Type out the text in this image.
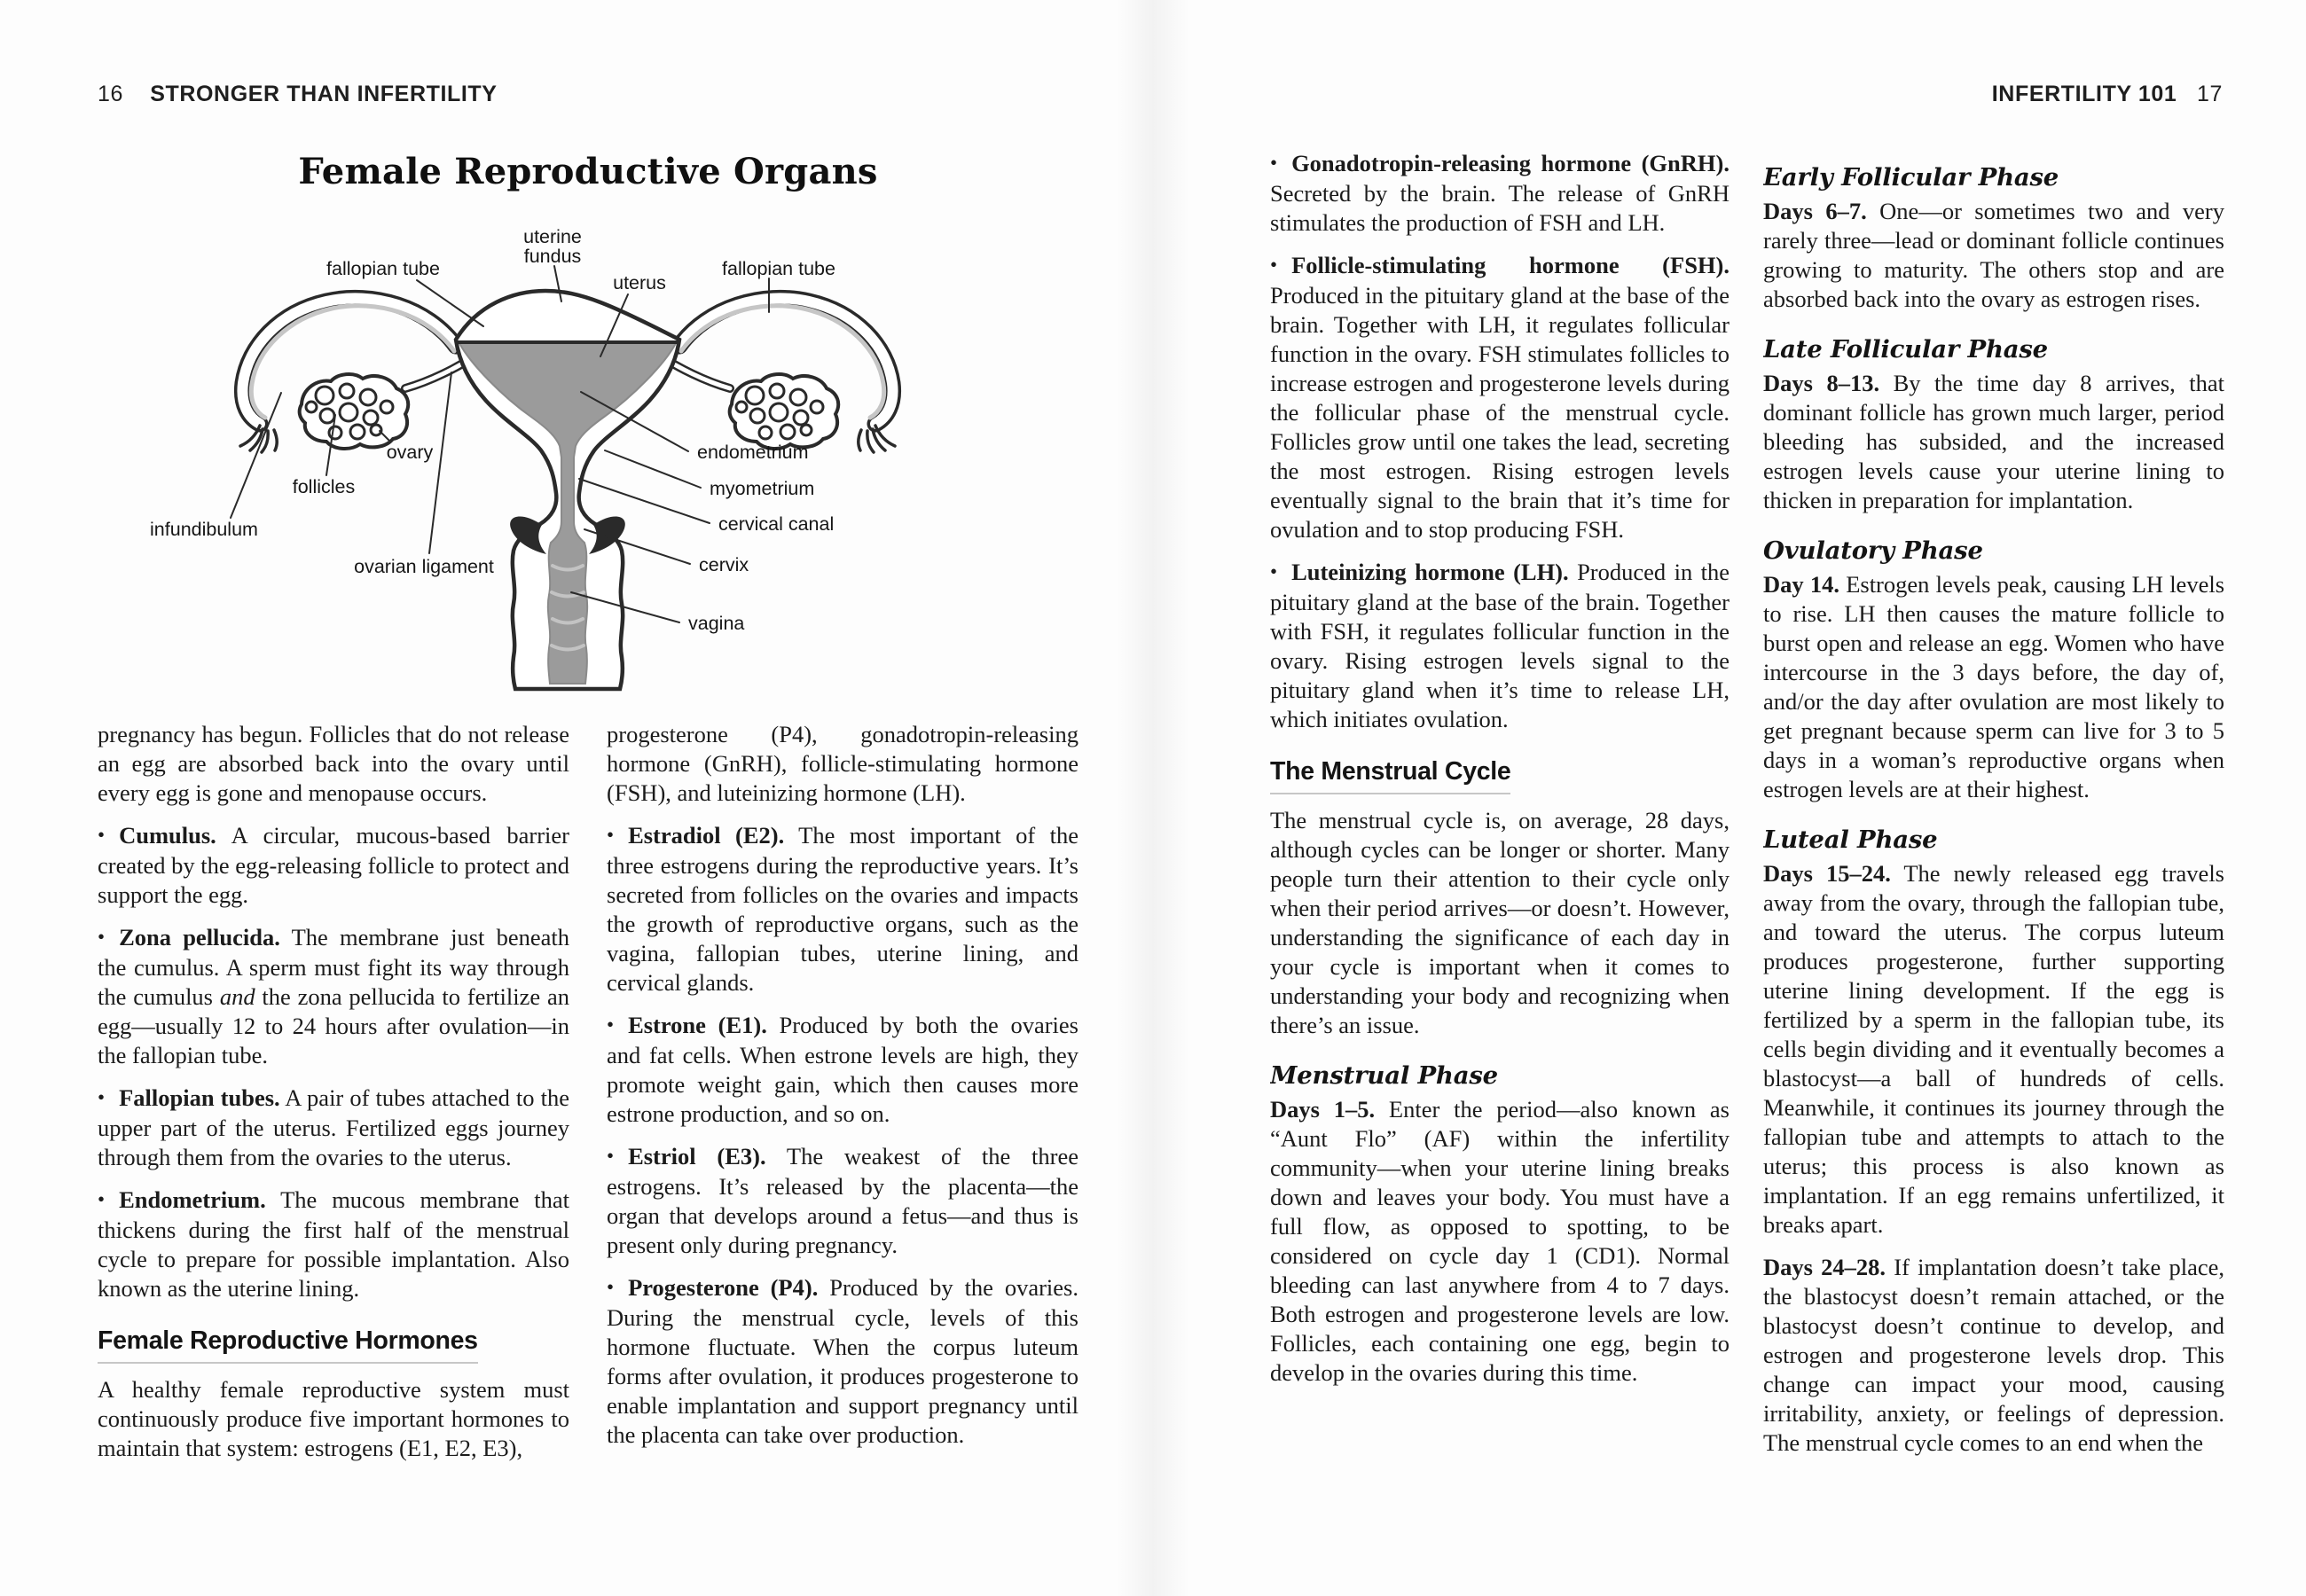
16 STRONGER THAN INFERTILITY	INFERTILITY 101 17
Female Reproductive Organs
uterine
fundus
fallopian tube
uterus
fallopian tube
ovary
follicles
infundibulum
ovarian ligament
endometrium
myometrium
cervical canal
cervix
vagina

pregnancy has begun. Follicles that do not release an egg are absorbed back into the ovary until every egg is gone and menopause occurs.

• Cumulus. A circular, mucous-based barrier created by the egg-releasing follicle to protect and support the egg.

• Zona pellucida. The membrane just beneath the cumulus. A sperm must fight its way through the cumulus and the zona pellucida to fertilize an egg—usually 12 to 24 hours after ovulation—in the fallopian tube.

• Fallopian tubes. A pair of tubes attached to the upper part of the uterus. Fertilized eggs journey through them from the ovaries to the uterus.

• Endometrium. The mucous membrane that thickens during the first half of the menstrual cycle to prepare for possible implantation. Also known as the uterine lining.

Female Reproductive Hormones

A healthy female reproductive system must continuously produce five important hormones to maintain that system: estrogens (E1, E2, E3),

progesterone (P4), gonadotropin-releasing hormone (GnRH), follicle-stimulating hormone (FSH), and luteinizing hormone (LH).

• Estradiol (E2). The most important of the three estrogens during the reproductive years. It’s secreted from follicles on the ovaries and impacts the growth of reproductive organs, such as the vagina, fallopian tubes, uterine lining, and cervical glands.

• Estrone (E1). Produced by both the ovaries and fat cells. When estrone levels are high, they promote weight gain, which then causes more estrone production, and so on.

• Estriol (E3). The weakest of the three estrogens. It’s released by the placenta—the organ that develops around a fetus—and thus is present only during pregnancy.

• Progesterone (P4). Produced by the ovaries. During the menstrual cycle, levels of this hormone fluctuate. When the corpus luteum forms after ovulation, it produces progesterone to enable implantation and support pregnancy until the placenta can take over production.

• Gonadotropin-releasing hormone (GnRH). Secreted by the brain. The release of GnRH stimulates the production of FSH and LH.

• Follicle-stimulating hormone (FSH). Produced in the pituitary gland at the base of the brain. Together with LH, it regulates follicular function in the ovary. FSH stimulates follicles to increase estrogen and progesterone levels during the follicular phase of the menstrual cycle. Follicles grow until one takes the lead, secreting the most estrogen. Rising estrogen levels eventually signal to the brain that it’s time for ovulation and to stop producing FSH.

• Luteinizing hormone (LH). Produced in the pituitary gland at the base of the brain. Together with FSH, it regulates follicular function in the ovary. Rising estrogen levels signal to the pituitary gland when it’s time to release LH, which initiates ovulation.

The Menstrual Cycle

The menstrual cycle is, on average, 28 days, although cycles can be longer or shorter. Many people turn their attention to their cycle only when their period arrives—or doesn’t. However, understanding the significance of each day in your cycle is important when it comes to understanding your body and recognizing when there’s an issue.

Menstrual Phase

Days 1–5. Enter the period—also known as “Aunt Flo” (AF) within the infertility community—when your uterine lining breaks down and leaves your body. You must have a full flow, as opposed to spotting, to be considered on cycle day 1 (CD1). Normal bleeding can last anywhere from 4 to 7 days. Both estrogen and progesterone levels are low. Follicles, each containing one egg, begin to develop in the ovaries during this time.

Early Follicular Phase

Days 6–7. One—or sometimes two and very rarely three—lead or dominant follicle continues growing to maturity. The others stop and are absorbed back into the ovary as estrogen rises.

Late Follicular Phase

Days 8–13. By the time day 8 arrives, that dominant follicle has grown much larger, period bleeding has subsided, and the increased estrogen levels cause your uterine lining to thicken in preparation for implantation.

Ovulatory Phase

Day 14. Estrogen levels peak, causing LH levels to rise. LH then causes the mature follicle to burst open and release an egg. Women who have intercourse in the 3 days before, the day of, and/or the day after ovulation are most likely to get pregnant because sperm can live for 3 to 5 days in a woman’s reproductive organs when estrogen levels are at their highest.

Luteal Phase

Days 15–24. The newly released egg travels away from the ovary, through the fallopian tube, and toward the uterus. The corpus luteum produces progesterone, further supporting uterine lining development. If the egg is fertilized by a sperm in the fallopian tube, its cells begin dividing and it eventually becomes a blastocyst—a ball of hundreds of cells. Meanwhile, it continues its journey through the fallopian tube and attempts to attach to the uterus; this process is also known as implantation. If an egg remains unfertilized, it breaks apart.

Days 24–28. If implantation doesn’t take place, the blastocyst doesn’t remain attached, or the blastocyst doesn’t continue to develop, and estrogen and progesterone levels drop. This change can impact your mood, causing irritability, anxiety, or feelings of depression. The menstrual cycle comes to an end when the
